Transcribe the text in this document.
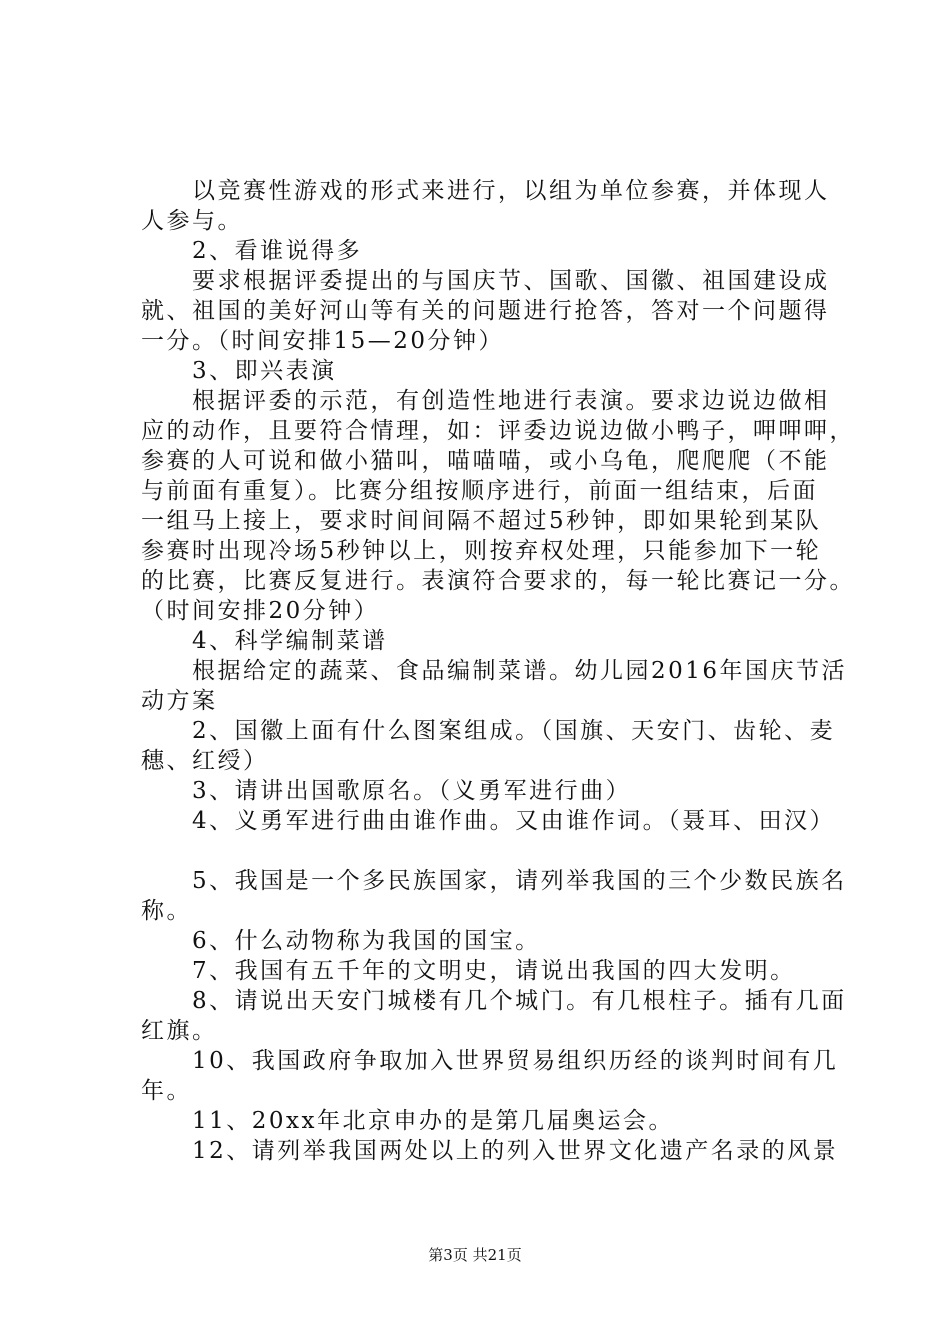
　　以竞赛性游戏的形式来进行，以组为单位参赛，并体现人
人参与。
　　2、看谁说得多
　　要求根据评委提出的与国庆节、国歌、国徽、祖国建设成
就、祖国的美好河山等有关的问题进行抢答，答对一个问题得
一分。（时间安排15—20分钟）
　　3、即兴表演
　　根据评委的示范，有创造性地进行表演。要求边说边做相
应的动作，且要符合情理，如：评委边说边做小鸭子，呷呷呷，
参赛的人可说和做小猫叫，喵喵喵，或小乌龟，爬爬爬（不能
与前面有重复）。比赛分组按顺序进行，前面一组结束，后面
一组马上接上，要求时间间隔不超过5秒钟，即如果轮到某队
参赛时出现冷场5秒钟以上，则按弃权处理，只能参加下一轮
的比赛，比赛反复进行。表演符合要求的，每一轮比赛记一分。
（时间安排20分钟）
　　4、科学编制菜谱
　　根据给定的蔬菜、食品编制菜谱。幼儿园2016年国庆节活
动方案
　　2、国徽上面有什么图案组成。（国旗、天安门、齿轮、麦
穗、红绶）
　　3、请讲出国歌原名。（义勇军进行曲）
　　4、义勇军进行曲由谁作曲。又由谁作词。（聂耳、田汉）
　　5、我国是一个多民族国家，请列举我国的三个少数民族名
称。
　　6、什么动物称为我国的国宝。
　　7、我国有五千年的文明史，请说出我国的四大发明。
　　8、请说出天安门城楼有几个城门。有几根柱子。插有几面
红旗。
　　10、我国政府争取加入世界贸易组织历经的谈判时间有几
年。
　　11、20xx年北京申办的是第几届奥运会。
　　12、请列举我国两处以上的列入世界文化遗产名录的风景
第3页 共21页
